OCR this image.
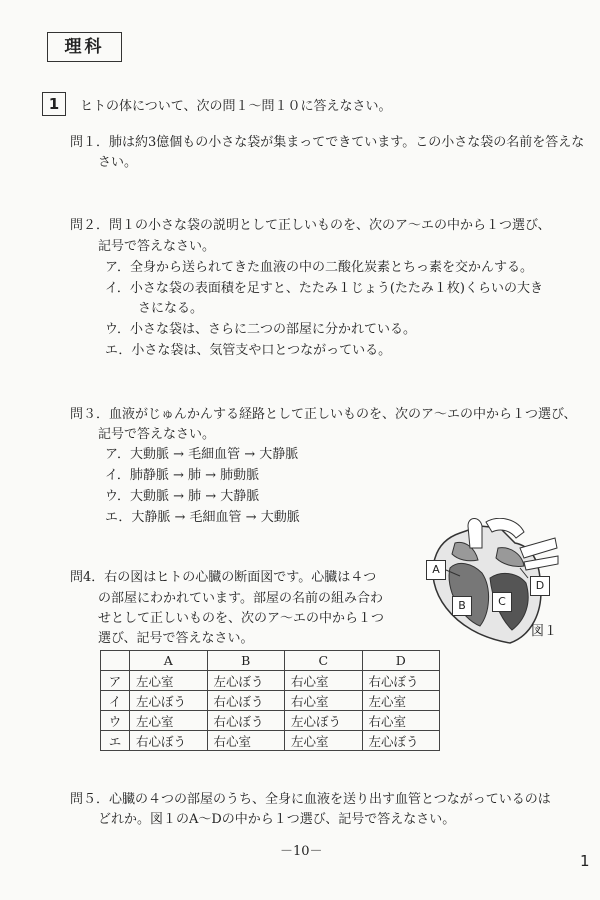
理科
1	ヒトの体について、次の問１～問１０に答えなさい。
問１．肺は約3億個もの小さな袋が集まってできています。この小さな袋の名前を答えな
さい。
問２．問１の小さな袋の説明として正しいものを、次のア～エの中から１つ選び、
記号で答えなさい。
ア．全身から送られてきた血液の中の二酸化炭素とちっ素を交かんする。
イ．小さな袋の表面積を足すと、たたみ１じょう(たたみ１枚)くらいの大き
さになる。
ウ．小さな袋は、さらに二つの部屋に分かれている。
エ．小さな袋は、気管支や口とつながっている。
問３．血液がじゅんかんする経路として正しいものを、次のア～エの中から１つ選び、
記号で答えなさい。
ア．大動脈 → 毛細血管 → 大静脈
イ．肺静脈 → 肺 → 肺動脈
ウ．大動脈 → 肺 → 大静脈
エ．大静脈 → 毛細血管 → 大動脈
問4．右の図はヒトの心臓の断面図です。心臓は４つ
の部屋にわかれています。部屋の名前の組み合わ
せとして正しいものを、次のア～エの中から１つ
選び、記号で答えなさい。
A
B	C
D
図１
	A	B	C	D
ア	左心室	左心ぼう	右心室	右心ぼう
イ	左心ぼう	右心ぼう	右心室	左心室
ウ	左心室	右心ぼう	左心ぼう	右心室
エ	右心ぼう	右心室	左心室	左心ぼう
問５．心臓の４つの部屋のうち、全身に血液を送り出す血管とつながっているのは
どれか。図１のA～Dの中から１つ選び、記号で答えなさい。
－10－
1
